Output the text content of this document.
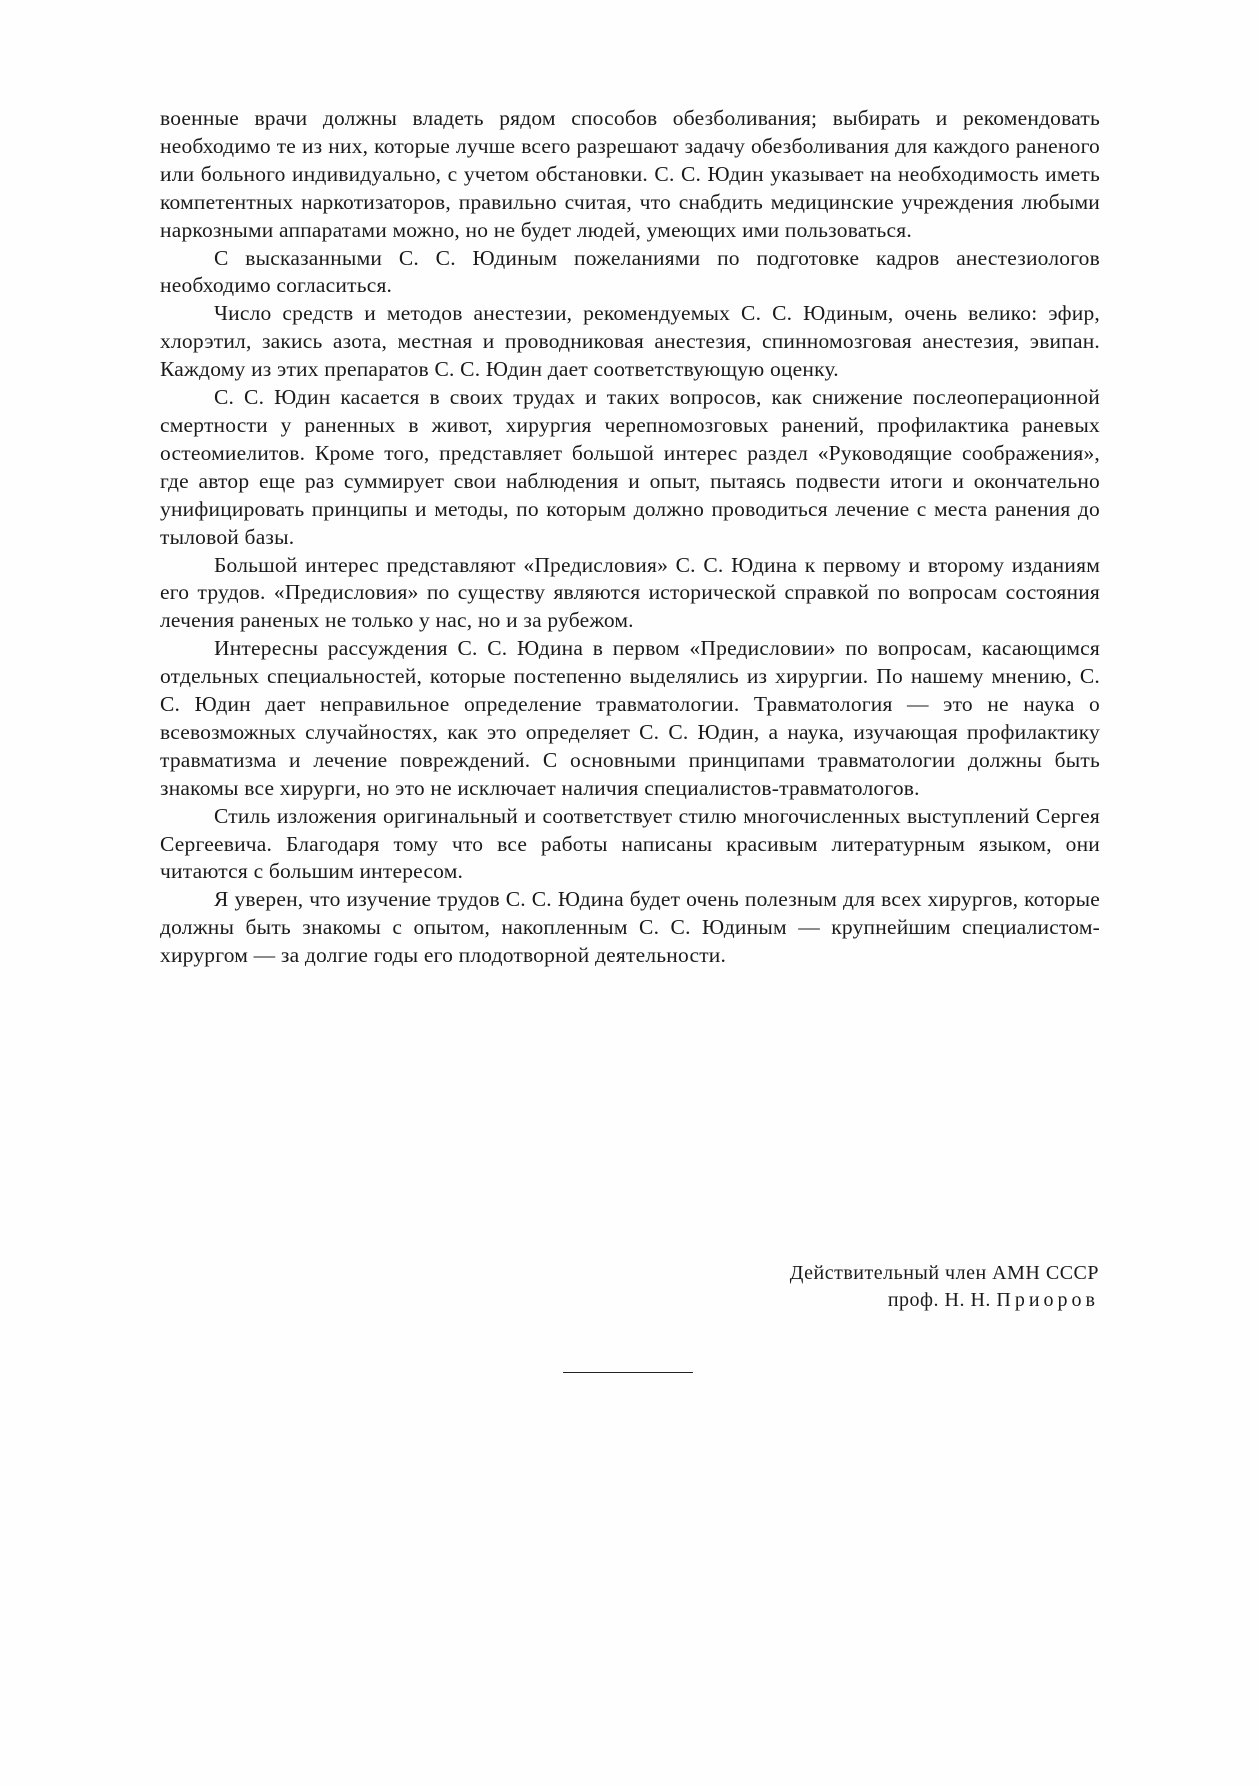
военные врачи должны владеть рядом способов обезболивания; выбирать и рекомендовать необходимо те из них, которые лучше всего разрешают задачу обезболивания для каждого раненого или больного индивидуально, с учетом обстановки. С. С. Юдин указывает на необходимость иметь компетентных наркотизаторов, правильно считая, что снабдить медицинские учреждения любыми наркозными аппаратами можно, но не будет людей, умеющих ими пользоваться.

С высказанными С. С. Юдиным пожеланиями по подготовке кадров анестезиологов необходимо согласиться.

Число средств и методов анестезии, рекомендуемых С. С. Юдиным, очень велико: эфир, хлорэтил, закись азота, местная и проводниковая анестезия, спинномозговая анестезия, эвипан. Каждому из этих препаратов С. С. Юдин дает соответствующую оценку.

С. С. Юдин касается в своих трудах и таких вопросов, как снижение послеоперационной смертности у раненных в живот, хирургия черепномозговых ранений, профилактика раневых остеомиелитов. Кроме того, представляет большой интерес раздел «Руководящие соображения», где автор еще раз суммирует свои наблюдения и опыт, пытаясь подвести итоги и окончательно унифицировать принципы и методы, по которым должно проводиться лечение с места ранения до тыловой базы.

Большой интерес представляют «Предисловия» С. С. Юдина к первому и второму изданиям его трудов. «Предисловия» по существу являются исторической справкой по вопросам состояния лечения раненых не только у нас, но и за рубежом.

Интересны рассуждения С. С. Юдина в первом «Предисловии» по вопросам, касающимся отдельных специальностей, которые постепенно выделялись из хирургии. По нашему мнению, С. С. Юдин дает неправильное определение травматологии. Травматология — это не наука о всевозможных случайностях, как это определяет С. С. Юдин, а наука, изучающая профилактику травматизма и лечение повреждений. С основными принципами травматологии должны быть знакомы все хирурги, но это не исключает наличия специалистов-травматологов.

Стиль изложения оригинальный и соответствует стилю многочисленных выступлений Сергея Сергеевича. Благодаря тому что все работы написаны красивым литературным языком, они читаются с большим интересом.

Я уверен, что изучение трудов С. С. Юдина будет очень полезным для всех хирургов, которые должны быть знакомы с опытом, накопленным С. С. Юдиным — крупнейшим специалистом-хирургом — за долгие годы его плодотворной деятельности.

Действительный член АМН СССР
проф. Н. Н. Приоров
